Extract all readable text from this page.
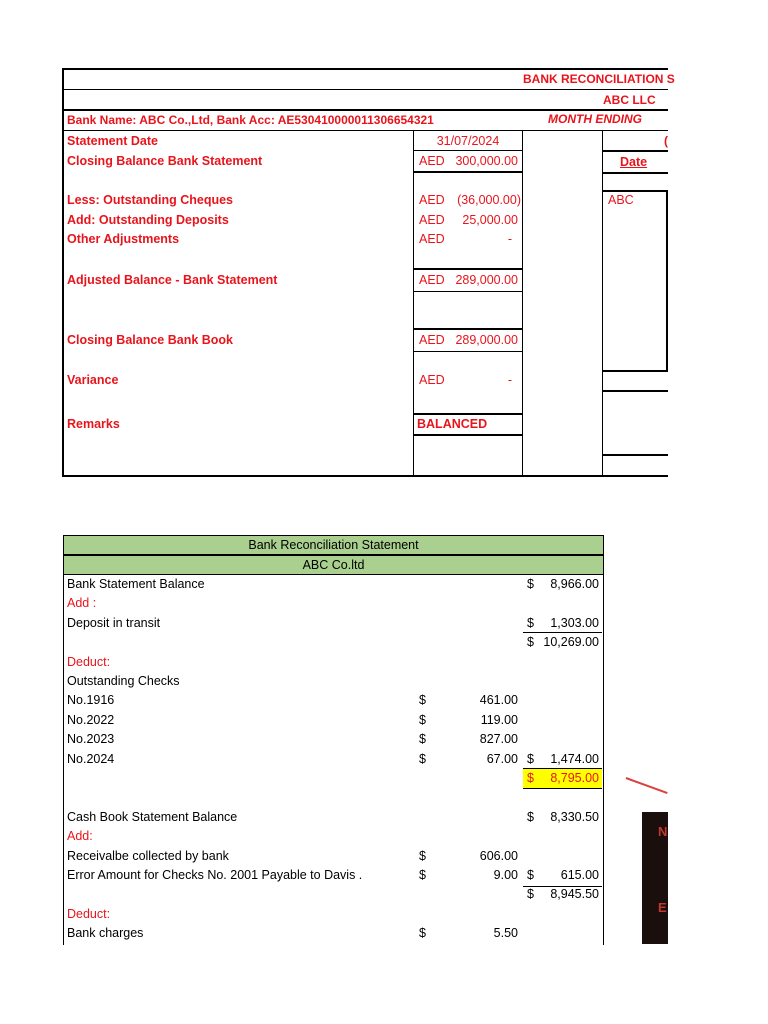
BANK RECONCILIATION S
ABC LLC
Bank Name: ABC Co.,Ltd, Bank Acc: AE530410000011306654321	MONTH ENDING
(
Statement Date	31/07/2024
Closing Balance Bank Statement	AED 300,000.00
Less: Outstanding Cheques	AED (36,000.00)
Add: Outstanding Deposits	AED	25,000.00
Other Adjustments	AED	-
Adjusted Balance - Bank Statement	AED 289,000.00
Closing Balance Bank Book	AED 289,000.00
Variance	AED	-
Remarks	BALANCED
Date
ABC
Bank Reconciliation Statement
ABC Co.ltd
Bank Statement Balance	$	8,966.00
Add :
Deposit in transit	$	1,303.00
$ 10,269.00
Deduct:
Outstanding Checks
No.1916	$	461.00
No.2022	$	119.00
No.2023	$	827.00
No.2024	$	67.00 $	1,474.00
$	8,795.00
Cash Book Statement Balance	$	8,330.50
Add:
Receivalbe collected by bank	$	606.00
Error Amount for Checks No. 2001 Payable to Davis .	$	9.00 $	615.00
$	8,945.50
Deduct:
Bank charges	$	5.50
N
E
